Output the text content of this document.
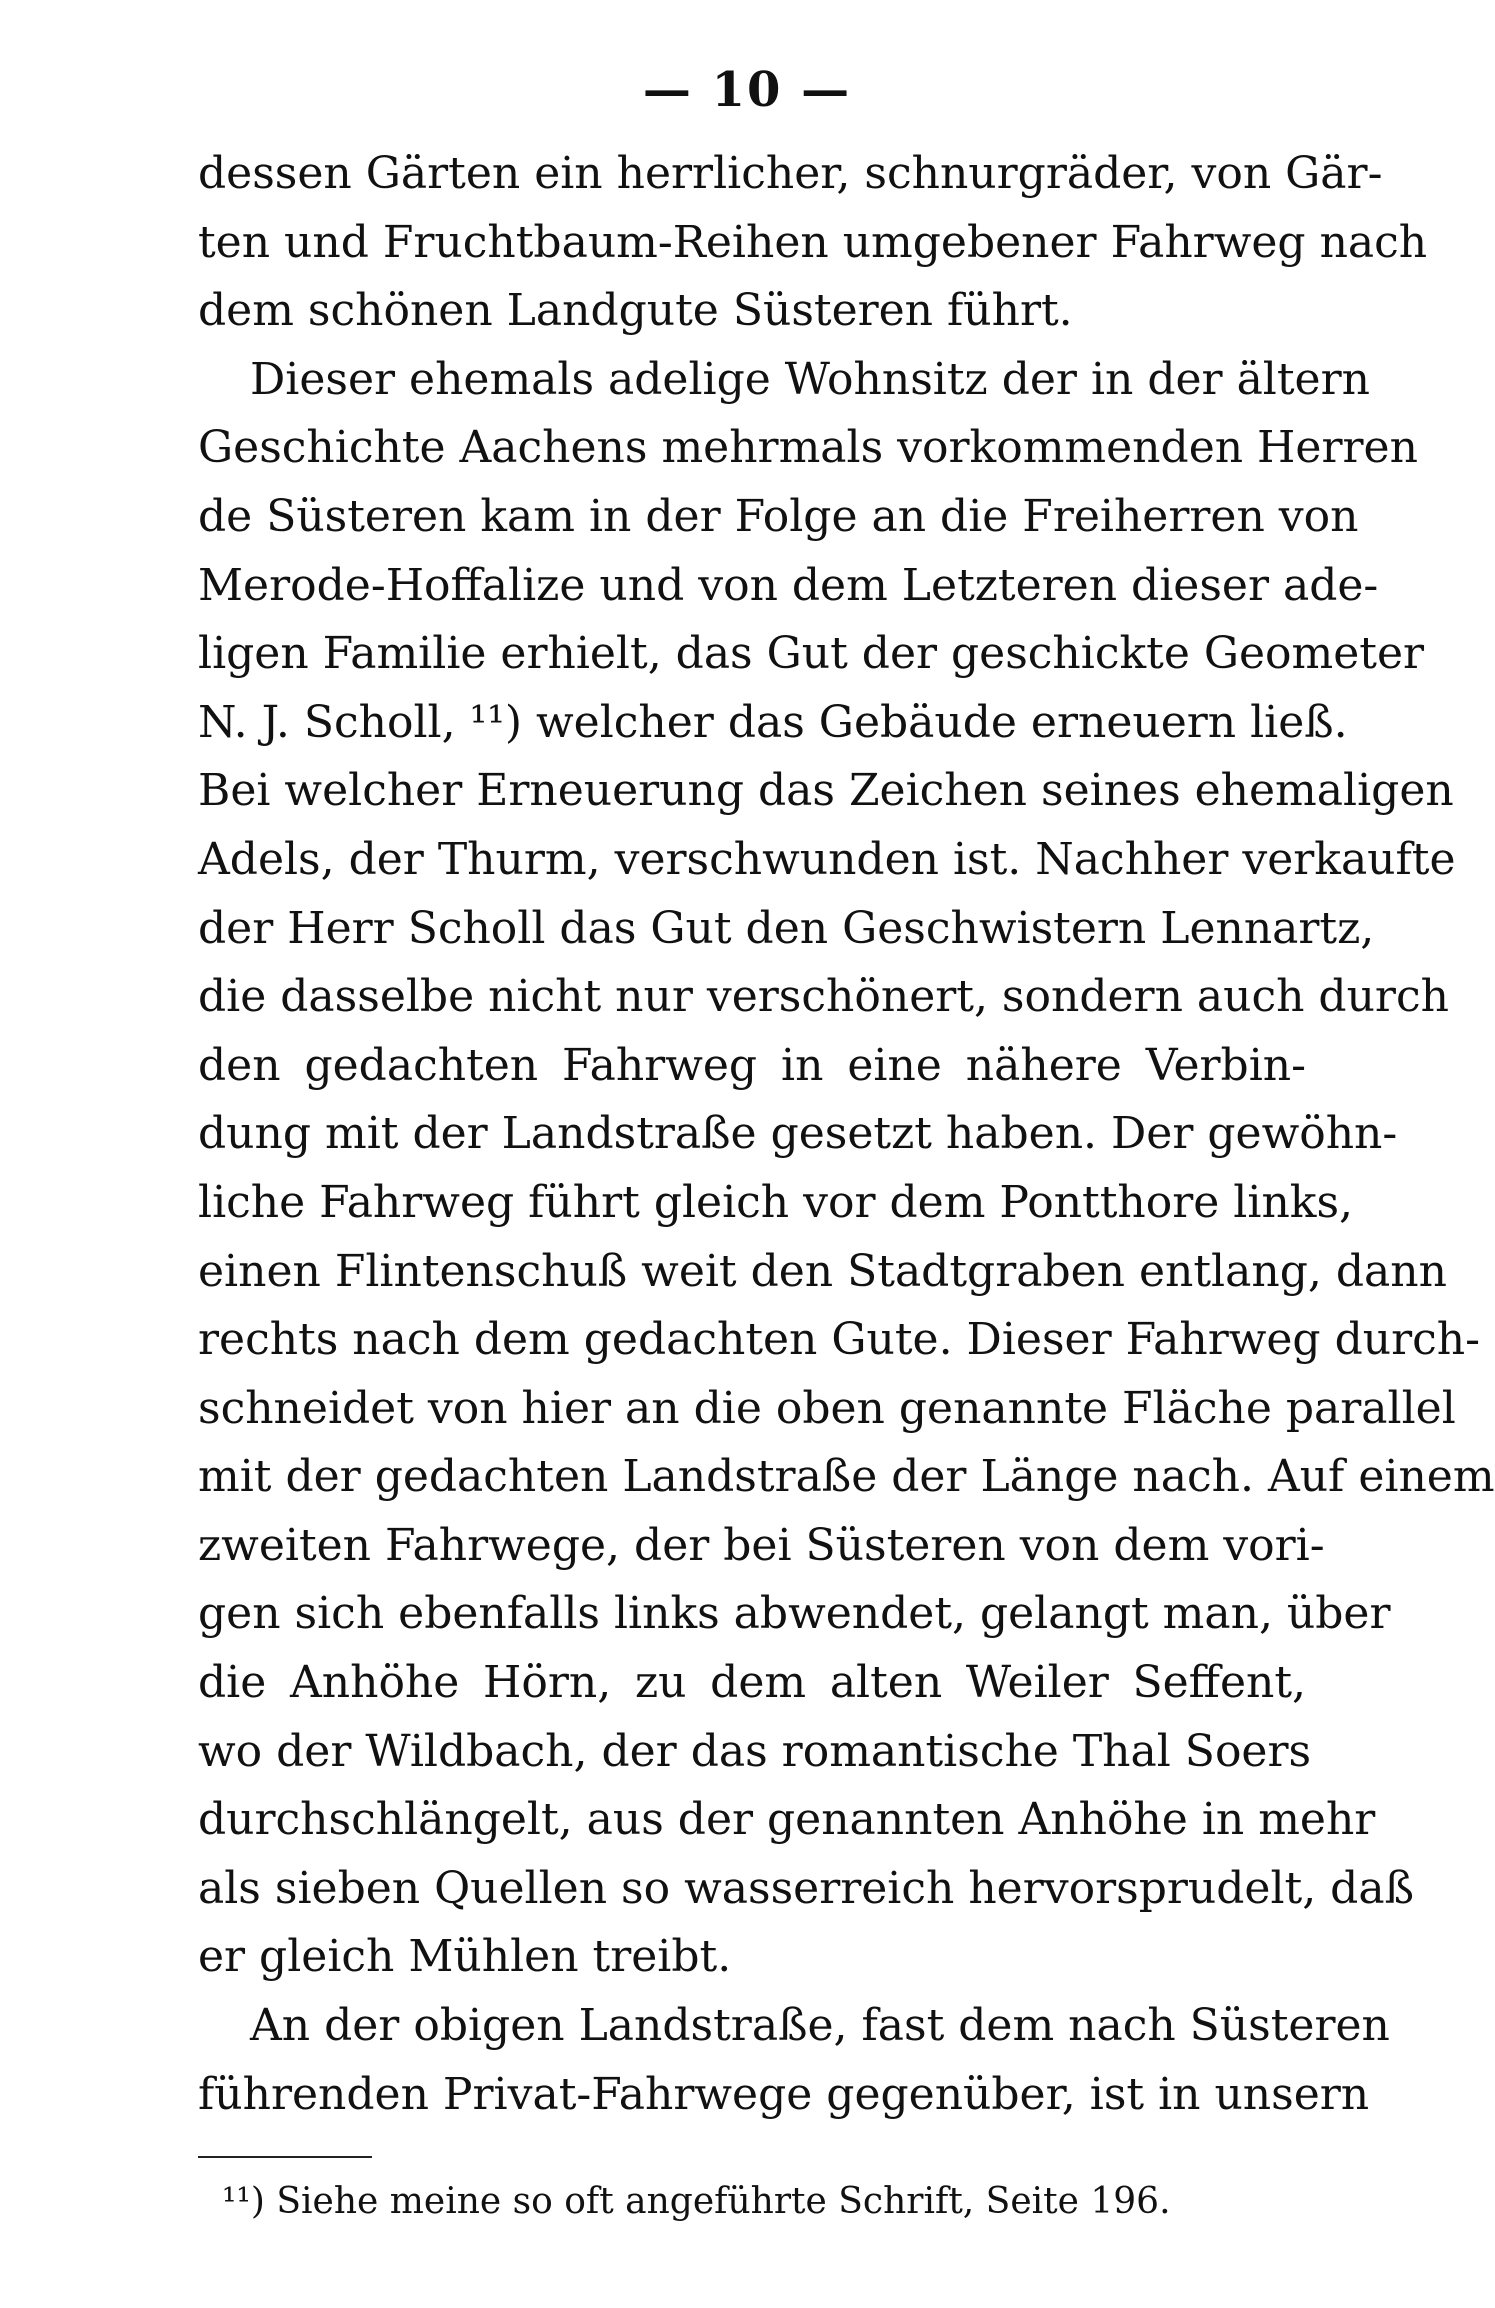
— 10 —
dessen Gärten ein herrlicher, schnurgräder, von Gär-
ten und Fruchtbaum-Reihen umgebener Fahrweg nach
dem schönen Landgute Süsteren führt.
Dieser ehemals adelige Wohnsitz der in der ältern
Geschichte Aachens mehrmals vorkommenden Herren
de Süsteren kam in der Folge an die Freiherren von
Merode-Hoffalize und von dem Letzteren dieser ade-
ligen Familie erhielt, das Gut der geschickte Geometer
N. J. Scholl, ¹¹) welcher das Gebäude erneuern ließ.
Bei welcher Erneuerung das Zeichen seines ehemaligen
Adels, der Thurm, verschwunden ist. Nachher verkaufte
der Herr Scholl das Gut den Geschwistern Lennartz,
die dasselbe nicht nur verschönert, sondern auch durch
den gedachten Fahrweg in eine nähere Verbin-
dung mit der Landstraße gesetzt haben. Der gewöhn-
liche Fahrweg führt gleich vor dem Pontthore links,
einen Flintenschuß weit den Stadtgraben entlang, dann
rechts nach dem gedachten Gute. Dieser Fahrweg durch-
schneidet von hier an die oben genannte Fläche parallel
mit der gedachten Landstraße der Länge nach. Auf einem
zweiten Fahrwege, der bei Süsteren von dem vori-
gen sich ebenfalls links abwendet, gelangt man, über
die Anhöhe Hörn, zu dem alten Weiler Seffent,
wo der Wildbach, der das romantische Thal Soers
durchschlängelt, aus der genannten Anhöhe in mehr
als sieben Quellen so wasserreich hervorsprudelt, daß
er gleich Mühlen treibt.
An der obigen Landstraße, fast dem nach Süsteren
führenden Privat-Fahrwege gegenüber, ist in unsern
¹¹) Siehe meine so oft angeführte Schrift, Seite 196.
